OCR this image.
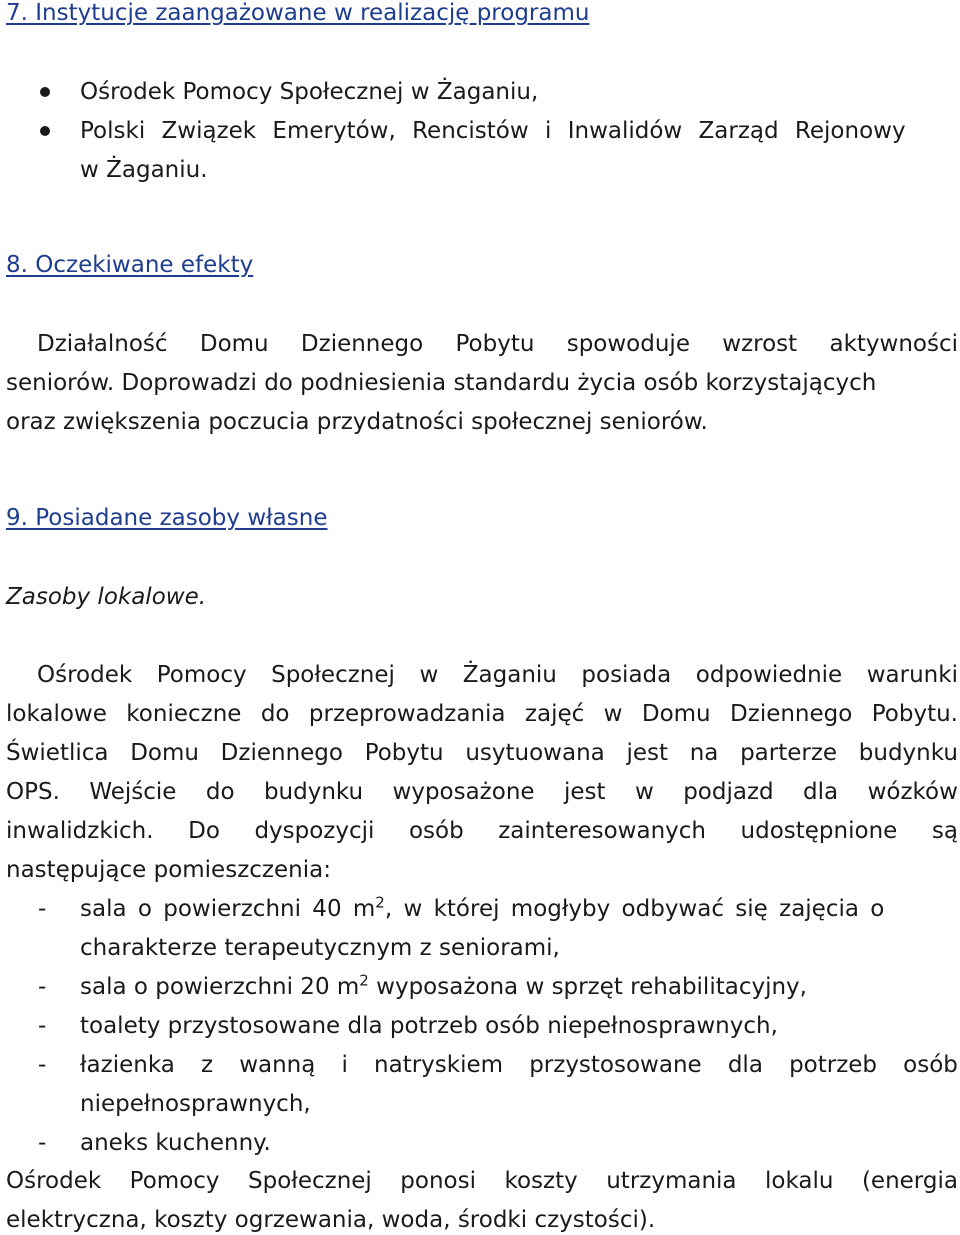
7. Instytucje zaangażowane w realizację programu
Ośrodek Pomocy Społecznej w Żaganiu,
Polski Związek Emerytów, Rencistów i Inwalidów Zarząd Rejonowy
w Żaganiu.
8. Oczekiwane efekty
Działalność Domu Dziennego Pobytu spowoduje wzrost aktywności
seniorów. Doprowadzi do podniesienia standardu życia osób korzystających
oraz zwiększenia poczucia przydatności społecznej seniorów.
9. Posiadane zasoby własne
Zasoby lokalowe.
Ośrodek Pomocy Społecznej w Żaganiu posiada odpowiednie warunki
lokalowe konieczne do przeprowadzania zajęć w Domu Dziennego Pobytu.
Świetlica Domu Dziennego Pobytu usytuowana jest na parterze budynku
OPS. Wejście do budynku wyposażone jest w podjazd dla wózków
inwalidzkich. Do dyspozycji osób zainteresowanych udostępnione są
następujące pomieszczenia:
- sala o powierzchni 40 $m^2$, w której mogłyby odbywać się zajęcia o
charakterze terapeutycznym z seniorami,
- sala o powierzchni 20 $m^2$ wyposażona w sprzęt rehabilitacyjny,
- toalety przystosowane dla potrzeb osób niepełnosprawnych,
- łazienka z wanną i natryskiem przystosowane dla potrzeb osób
niepełnosprawnych,
- aneks kuchenny.
Ośrodek Pomocy Społecznej ponosi koszty utrzymania lokalu (energia
elektryczna, koszty ogrzewania, woda, środki czystości).
